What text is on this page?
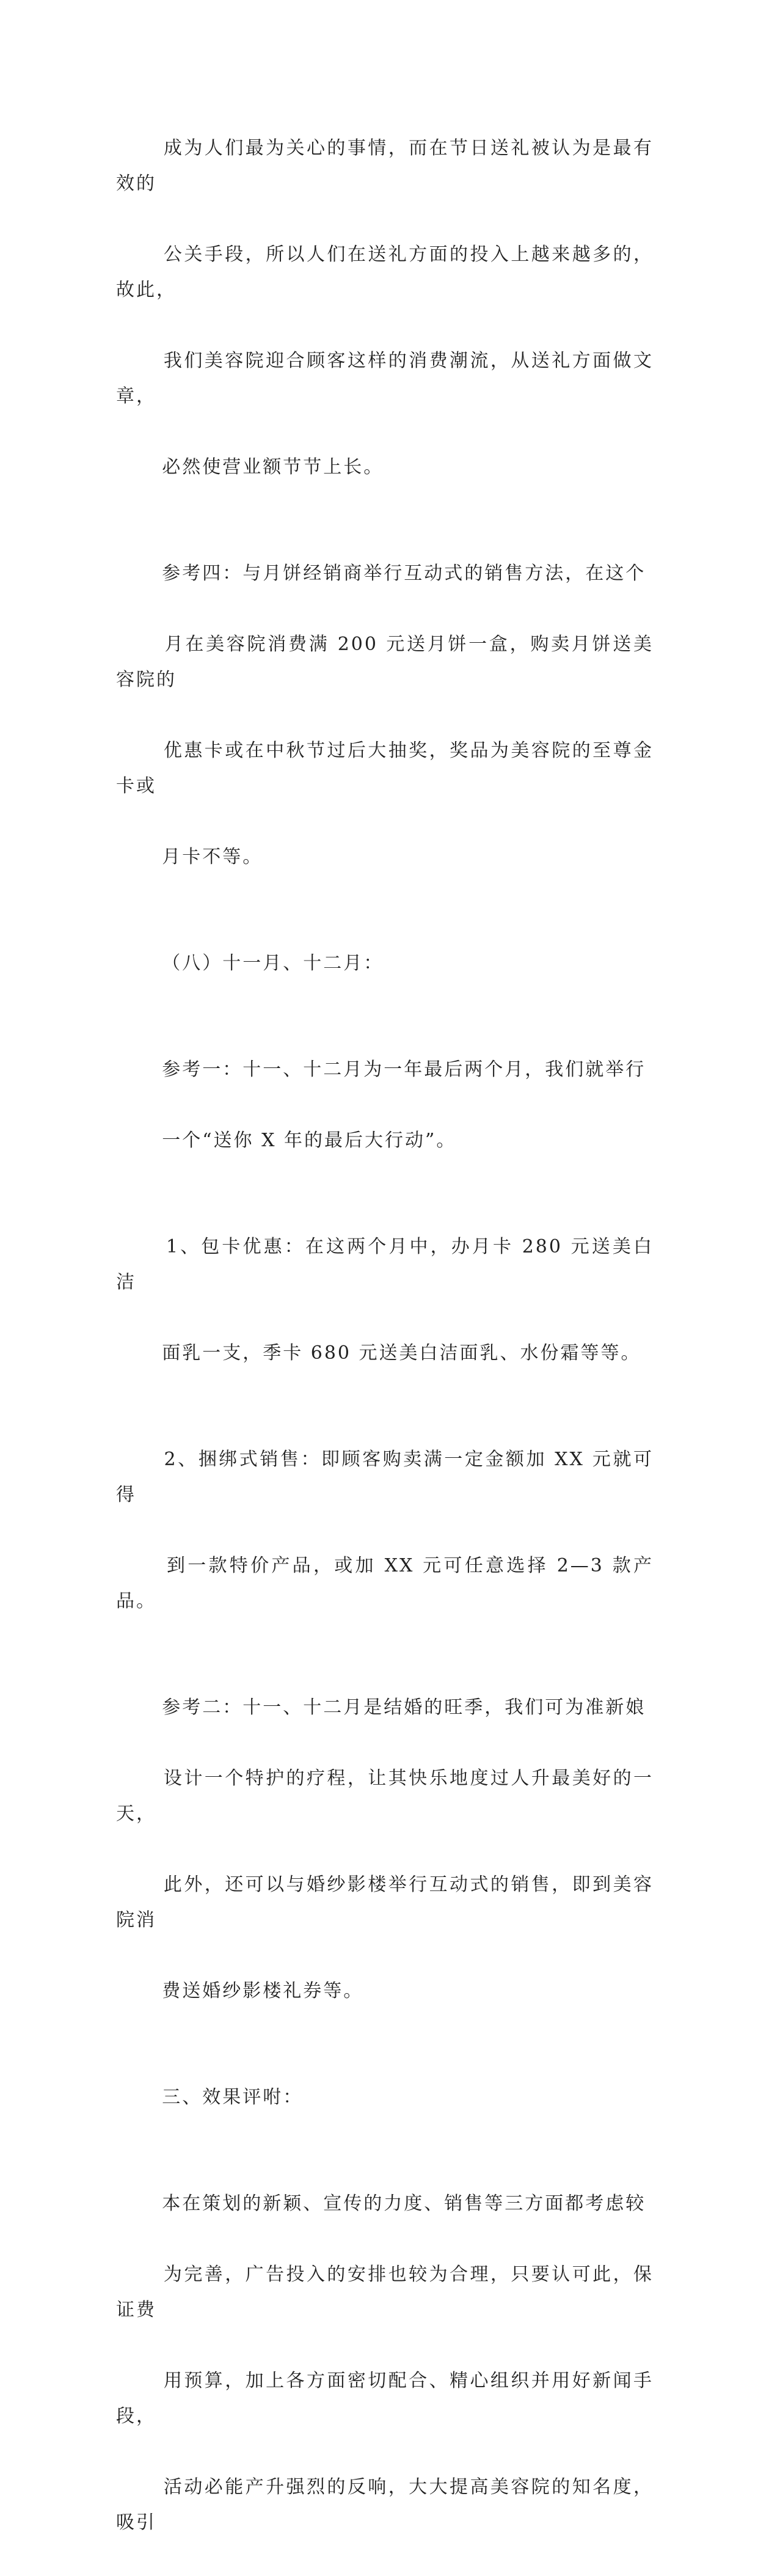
成为人们最为关心的事情，而在节日送礼被认为是最有效的

公关手段，所以人们在送礼方面的投入上越来越多的，故此，

我们美容院迎合顾客这样的消费潮流，从送礼方面做文章，

必然使营业额节节上长。

参考四：与月饼经销商举行互动式的销售方法，在这个

月在美容院消费满 200 元送月饼一盒，购卖月饼送美容院的

优惠卡或在中秋节过后大抽奖，奖品为美容院的至尊金卡或

月卡不等。

（八）十一月、十二月：

参考一：十一、十二月为一年最后两个月，我们就举行

一个“送你 X 年的最后大行动”。

1、包卡优惠：在这两个月中，办月卡 280 元送美白洁

面乳一支，季卡 680 元送美白洁面乳、水份霜等等。

2、捆绑式销售：即顾客购卖满一定金额加 XX 元就可得

到一款特价产品，或加 XX 元可任意选择 2—3 款产品。

参考二：十一、十二月是结婚的旺季，我们可为准新娘

设计一个特护的疗程，让其快乐地度过人升最美好的一天，

此外，还可以与婚纱影楼举行互动式的销售，即到美容院消

费送婚纱影楼礼券等。

三、效果评咐：

本在策划的新颖、宣传的力度、销售等三方面都考虑较

为完善，广告投入的安排也较为合理，只要认可此，保证费

用预算，加上各方面密切配合、精心组织并用好新闻手段，

活动必能产升强烈的反响，大大提高美容院的知名度，吸引
